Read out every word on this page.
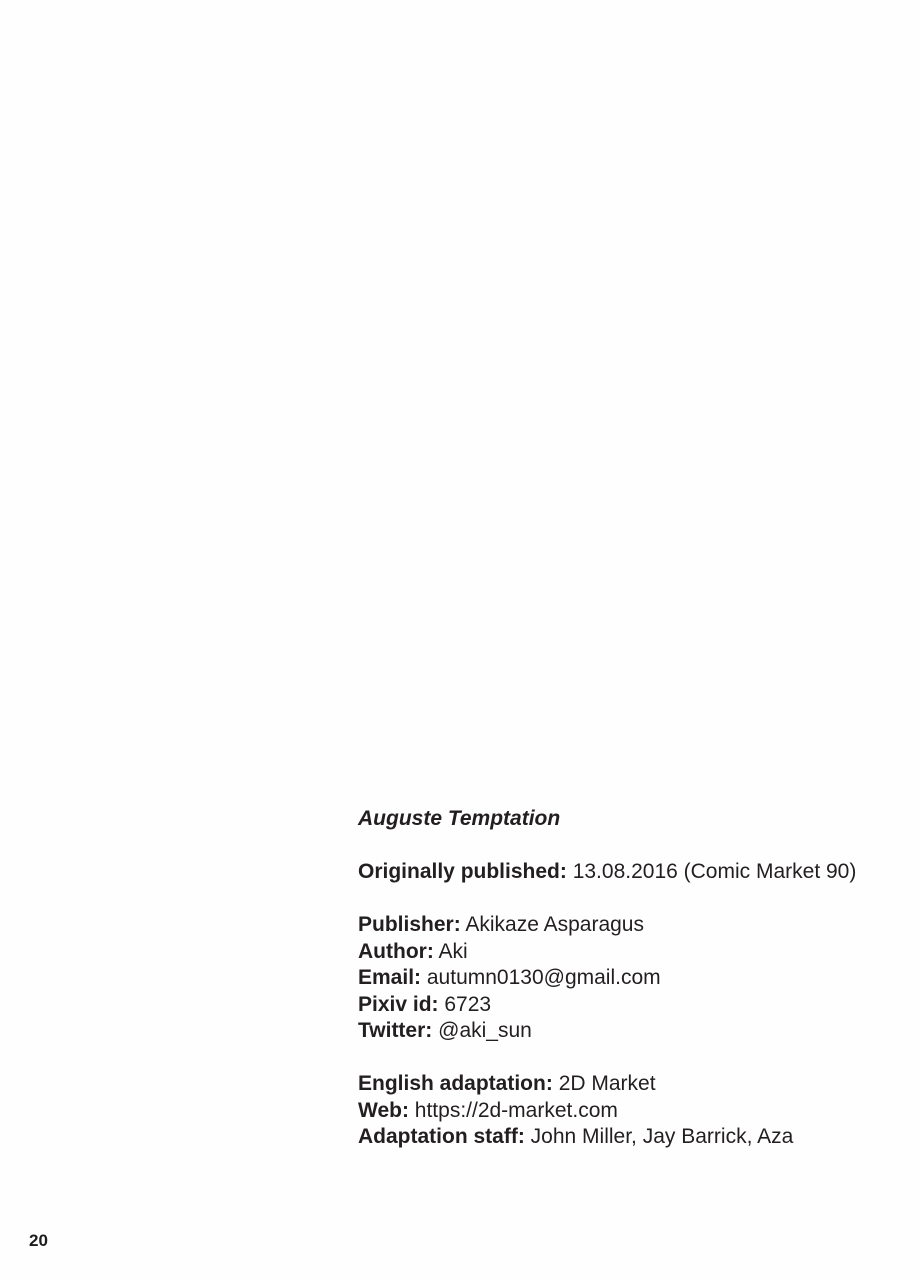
Auguste Temptation
Originally published: 13.08.2016 (Comic Market 90)
Publisher: Akikaze Asparagus
Author: Aki
Email: autumn0130@gmail.com
Pixiv id: 6723
Twitter: @aki_sun
English adaptation: 2D Market
Web: https://2d-market.com
Adaptation staff: John Miller, Jay Barrick, Aza
20
